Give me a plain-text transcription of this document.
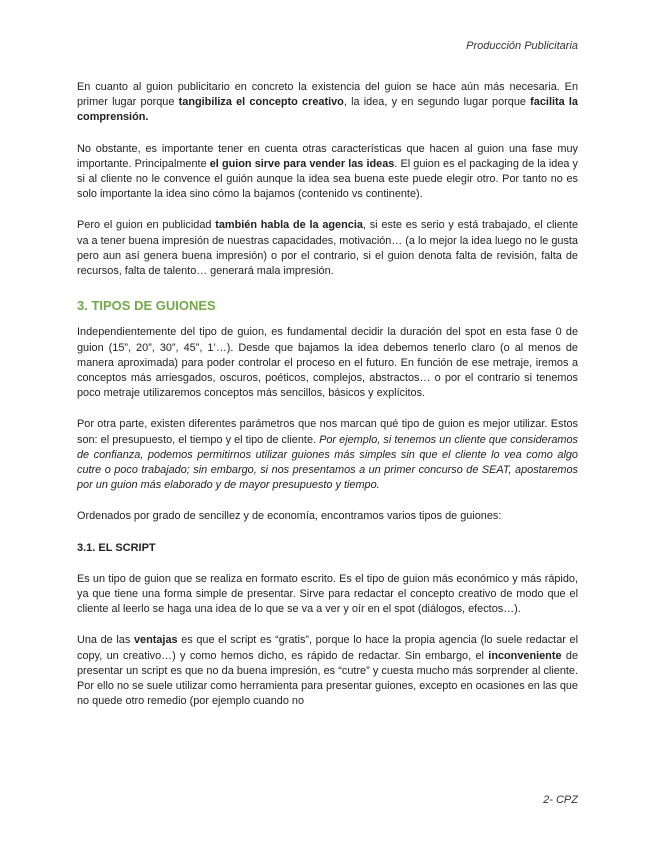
Producción Publicitaria

En cuanto al guion publicitario en concreto la existencia del guion se hace aún más necesaria. En primer lugar porque tangibiliza el concepto creativo, la idea, y en segundo lugar porque facilita la comprensión.

No obstante, es importante tener en cuenta otras características que hacen al guion una fase muy importante. Principalmente el guion sirve para vender las ideas. El guion es el packaging de la idea y si al cliente no le convence el guión aunque la idea sea buena este puede elegir otro. Por tanto no es solo importante la idea sino cómo la bajamos (contenido vs continente).

Pero el guion en publicidad también habla de la agencia, si este es serio y está trabajado, el cliente va a tener buena impresión de nuestras capacidades, motivación… (a lo mejor la idea luego no le gusta pero aun así genera buena impresión) o por el contrario, si el guion denota falta de revisión, falta de recursos, falta de talento… generará mala impresión.

3. TIPOS DE GUIONES

Independientemente del tipo de guion, es fundamental decidir la duración del spot en esta fase 0 de guion (15”, 20”, 30”, 45”, 1’…). Desde que bajamos la idea debemos tenerlo claro (o al menos de manera aproximada) para poder controlar el proceso en el futuro. En función de ese metraje, iremos a conceptos más arriesgados, oscuros, poéticos, complejos, abstractos… o por el contrario si tenemos poco metraje utilizaremos conceptos más sencillos, básicos y explícitos.

Por otra parte, existen diferentes parámetros que nos marcan qué tipo de guion es mejor utilizar. Estos son: el presupuesto, el tiempo y el tipo de cliente. Por ejemplo, si tenemos un cliente que consideramos de confianza, podemos permitirnos utilizar guiones más simples sin que el cliente lo vea como algo cutre o poco trabajado; sin embargo, si nos presentamos a un primer concurso de SEAT, apostaremos por un guion más elaborado y de mayor presupuesto y tiempo.

Ordenados por grado de sencillez y de economía, encontramos varios tipos de guiones:

3.1. EL SCRIPT

Es un tipo de guion que se realiza en formato escrito. Es el tipo de guion más económico y más rápido, ya que tiene una forma simple de presentar. Sirve para redactar el concepto creativo de modo que el cliente al leerlo se haga una idea de lo que se va a ver y oír en el spot (diálogos, efectos…).

Una de las ventajas es que el script es “gratis”, porque lo hace la propia agencia (lo suele redactar el copy, un creativo…) y como hemos dicho, es rápido de redactar. Sin embargo, el inconveniente de presentar un script es que no da buena impresión, es “cutre” y cuesta mucho más sorprender al cliente. Por ello no se suele utilizar como herramienta para presentar guiones, excepto en ocasiones en las que no quede otro remedio (por ejemplo cuando no

2- CPZ
